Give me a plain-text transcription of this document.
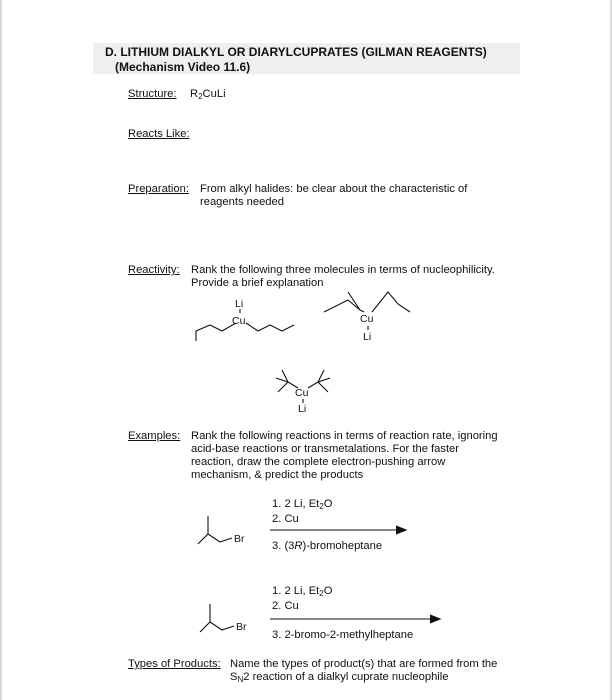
D. LITHIUM DIALKYL OR DIARYLCUPRATES (GILMAN REAGENTS)
(Mechanism Video 11.6)
Structure: $R_2CuLi$
Reacts Like:
Preparation: From alkyl halides: be clear about the characteristic of
reagents needed
Reactivity: Rank the following three molecules in terms of nucleophilicity.
Provide a brief explanation
Li
Cu	Cu
Li
Cu
Li
Examples: Rank the following reactions in terms of reaction rate, ignoring
acid-base reactions or transmetalations. For the faster
reaction, draw the complete electron-pushing arrow
mechanism, & predict the products
Br
1. 2 Li, $Et_2O$
2. Cu
3. (3R)-bromoheptane
Br
1. 2 Li, $Et_2O$
2. Cu
3. 2-bromo-2-methylheptane
Types of Products: Name the types of product(s) that are formed from the
$S_N2$ reaction of a dialkyl cuprate nucleophile
